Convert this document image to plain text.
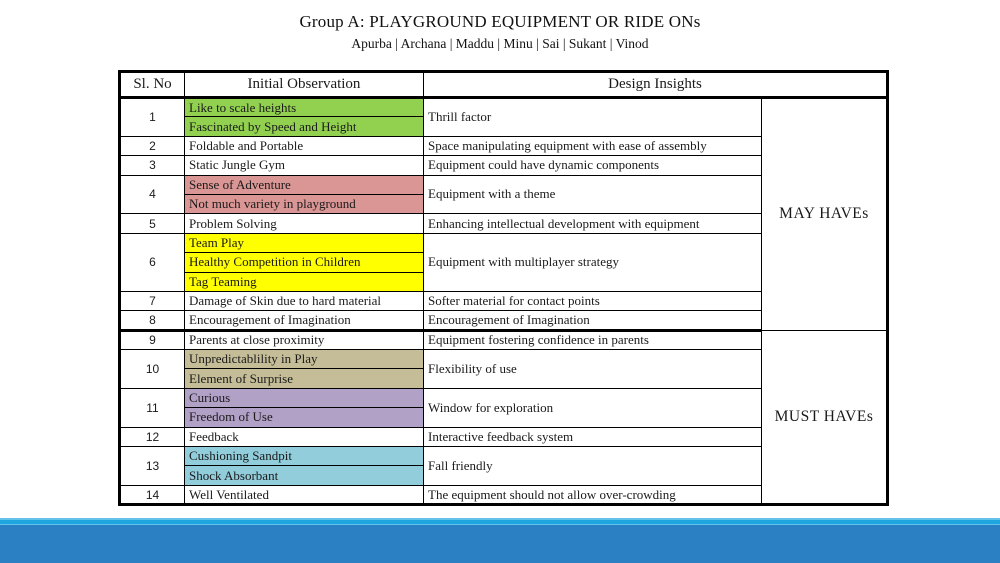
Group A: PLAYGROUND EQUIPMENT OR RIDE ONs
Apurba | Archana | Maddu | Minu | Sai | Sukant | Vinod
Sl. No	Initial Observation	Design Insights	
1	Like to scale heights	Thrill factor	MAY HAVEs
	Fascinated by Speed and Height		
2	Foldable and Portable	Space manipulating equipment with ease of assembly	
3	Static Jungle Gym	Equipment could have dynamic components	
4	Sense of Adventure	Equipment with a theme	
	Not much variety in playground		
5	Problem Solving	Enhancing intellectual development with equipment	
6	Team Play	Equipment with multiplayer strategy	
	Healthy Competition in Children		
	Tag Teaming		
7	Damage of Skin due to hard material	Softer material for contact points	
8	Encouragement of Imagination	Encouragement of Imagination	
9	Parents at close proximity	Equipment fostering confidence in parents	MUST HAVEs
10	Unpredictablility in Play	Flexibility of use	
	Element of Surprise		
11	Curious	Window for exploration	
	Freedom of Use		
12	Feedback	Interactive feedback system	
13	Cushioning Sandpit	Fall friendly	
	Shock Absorbant		
14	Well Ventilated	The equipment should not allow over-crowding	
